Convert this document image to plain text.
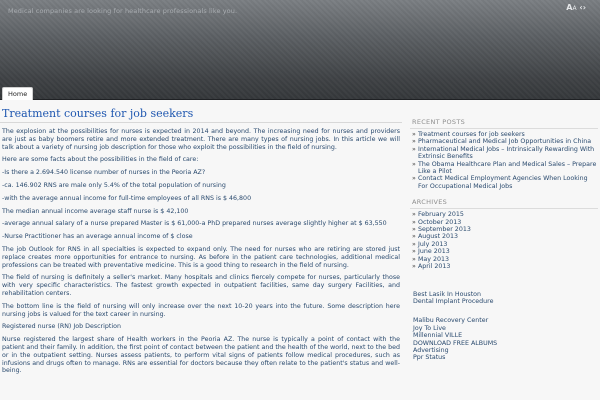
Medical companies are looking for healthcare professionals like you.	AA ‹›
Home
Treatment courses for job seekers

The explosion at the possibilities for nurses is expected in 2014 and beyond. The increasing need for nurses and providers are just as baby boomers retire and more extended treatment. There are many types of nursing jobs. In this article we will talk about a variety of nursing job description for those who exploit the possibilities in the field of nursing.

Here are some facts about the possibilities in the field of care:

-Is there a 2.694.540 license number of nurses in the Peoria AZ?

-ca. 146.902 RNS are male only 5.4% of the total population of nursing

-with the average annual income for full-time employees of all RNS is $ 46,800

The median annual income average staff nurse is $ 42,100

-average annual salary of a nurse prepared Master is $ 61,000-a PhD prepared nurses average slightly higher at $ 63,550

-Nurse Practitioner has an average annual income of $ close

The job Outlook for RNS in all specialties is expected to expand only. The need for nurses who are retiring are stored just replace creates more opportunities for entrance to nursing. As before in the patient care technologies, additional medical professions can be treated with preventative medicine. This is a good thing to research in the field of nursing.

The field of nursing is definitely a seller's market. Many hospitals and clinics fiercely compete for nurses, particularly those with very specific characteristics. The fastest growth expected in outpatient facilities, same day surgery Facilities, and rehabilitation centers.

The bottom line is the field of nursing will only increase over the next 10-20 years into the future. Some description here nursing jobs is valued for the text career in nursing.

Registered nurse (RN) Job Description

Nurse registered the largest share of Health workers in the Peoria AZ. The nurse is typically a point of contact with the patient and their family. In addition, the first point of contact between the patient and the health of the world, next to the bed or in the outpatient setting. Nurses assess patients, to perform vital signs of patients follow medical procedures, such as infusions and drugs often to manage. RNs are essential for doctors because they often relate to the patient's status and well-being.

RECENT POSTS
» Treatment courses for job seekers
» Pharmaceutical and Medical Job Opportunities in China
» International Medical Jobs – Intrinsically Rewarding With Extrinsic Benefits
» The Obama Healthcare Plan and Medical Sales – Prepare Like a Pilot
» Contact Medical Employment Agencies When Looking For Occupational Medical Jobs
ARCHIVES
» February 2015
» October 2013
» September 2013
» August 2013
» July 2013
» June 2013
» May 2013
» April 2013
Best Lasik In Houston
Dental Implant Procedure
Malibu Recovery Center
Joy To Live
Millennial VILLE
DOWNLOAD FREE ALBUMS
Advertising
Ppr Status
